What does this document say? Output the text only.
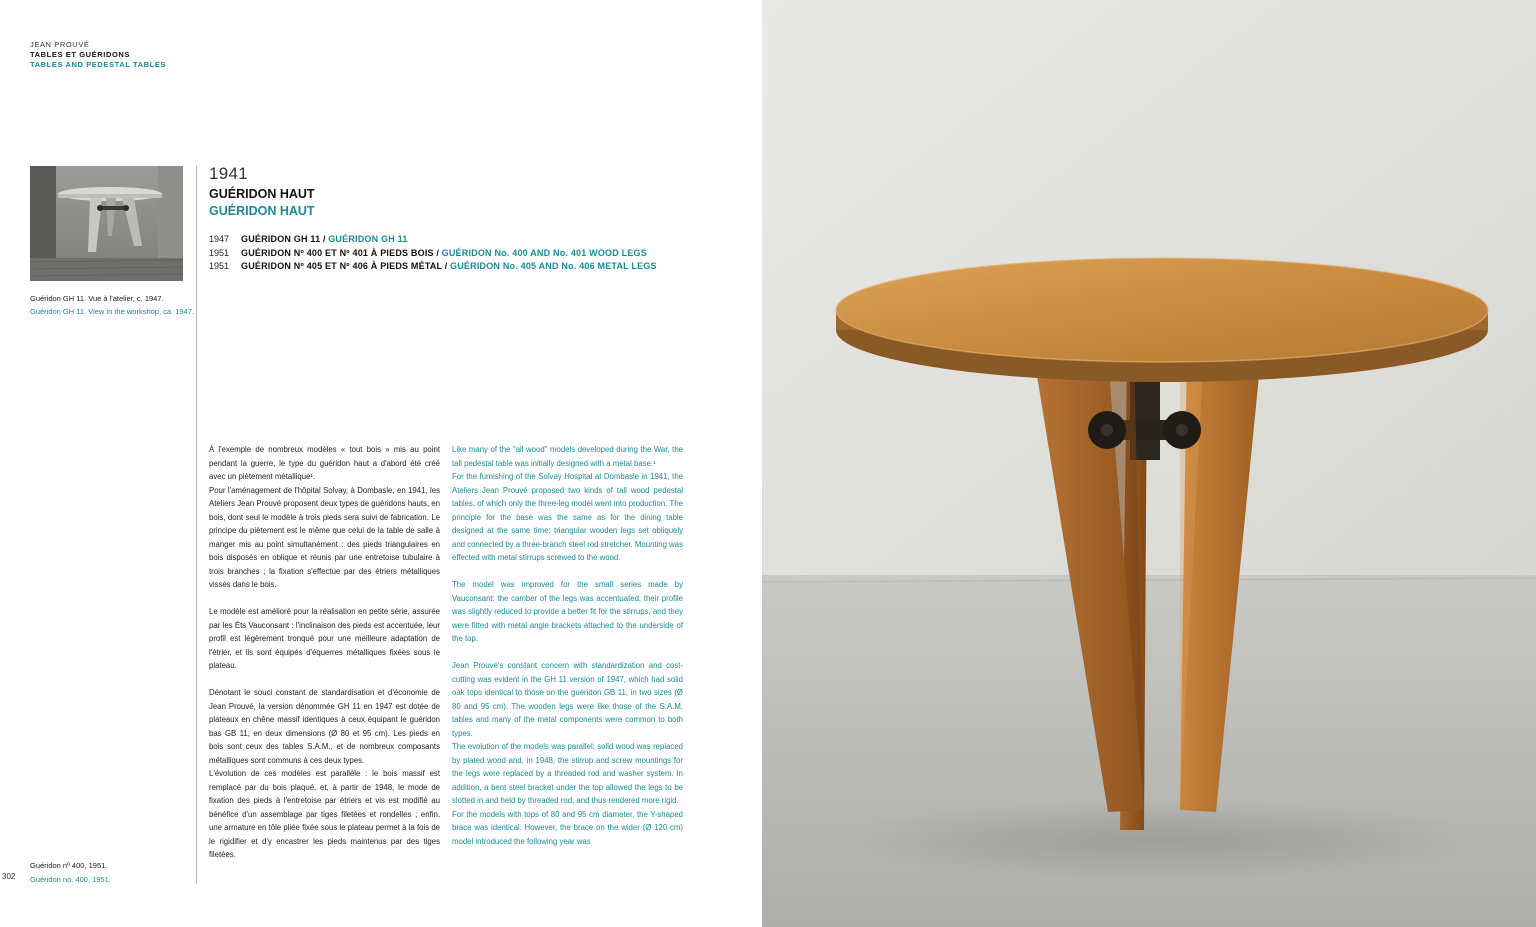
JEAN PROUVÉ
TABLES ET GUÉRIDONS
TABLES AND PEDESTAL TABLES
Guéridon GH 11. Vue à l'atelier, c. 1947.
Guéridon GH 11. View in the workshop, ca. 1947.
1941
GUÉRIDON HAUT
GUÉRIDON HAUT
1947	GUÉRIDON GH 11 /
GUÉRIDON GH 11
1951	GUÉRIDON Nº 400 ET Nº 401 À PIEDS BOIS /
GUÉRIDON No. 400 AND No. 401 WOOD LEGS
1951	GUÉRIDON Nº 405 ET Nº 406 À PIEDS MÉTAL /
GUÉRIDON No. 405 AND No. 406 METAL LEGS

À l'exemple de nombreux modèles « tout bois » mis au point pendant la guerre, le type du guéridon haut a d'abord été créé avec un piètement métallique¹.

Pour l'aménagement de l'hôpital Solvay, à Dombasle, en 1941, les Ateliers Jean Prouvé proposent deux types de guéridons hauts, en bois, dont seul le modèle à trois pieds sera suivi de fabrication. Le principe du piètement est le même que celui de la table de salle à manger mis au point simultanément : des pieds triangulaires en bois disposés en oblique et réunis par une entretoise tubulaire à trois branches ; la fixation s'effectue par des étriers métalliques vissés dans le bois.

Le modèle est amélioré pour la réalisation en petite série, assurée par les Éts Vauconsant : l'inclinaison des pieds est accentuée, leur profil est légèrement tronqué pour une meilleure adaptation de l'étrier, et ils sont équipés d'équerres métalliques fixées sous le plateau.

Dénotant le souci constant de standardisation et d'économie de Jean Prouvé, la version dénommée GH 11 en 1947 est dotée de plateaux en chêne massif identiques à ceux équipant le guéridon bas GB 11, en deux dimensions (Ø 80 et 95 cm). Les pieds en bois sont ceux des tables S.A.M., et de nombreux composants métalliques sont communs à ces deux types.

L'évolution de ces modèles est parallèle : le bois massif est remplacé par du bois plaqué, et, à partir de 1948, le mode de fixation des pieds à l'entretoise par étriers et vis est modifié au bénéfice d'un assemblage par tiges filetées et rondelles ; enfin, une armature en tôle pliée fixée sous le plateau permet à la fois de le rigidifier et d'y encastrer les pieds maintenus par des tiges filetées.

Like many of the "all wood" models developed during the War, the tall pedestal table was initially designed with a metal base.¹

For the furnishing of the Solvay Hospital at Dombasle in 1941, the Ateliers Jean Prouvé proposed two kinds of tall wood pedestal tables, of which only the three-leg model went into production. The principle for the base was the same as for the dining table designed at the same time: triangular wooden legs set obliquely and connected by a three-branch steel rod stretcher. Mounting was effected with metal stirrups screwed to the wood.

The model was improved for the small series made by Vauconsant: the camber of the legs was accentuated, their profile was slightly reduced to provide a better fit for the stirrups, and they were fitted with metal angle brackets attached to the underside of the top.

Jean Prouvé's constant concern with standardization and cost-cutting was evident in the GH 11 version of 1947, which had solid oak tops identical to those on the guéridon GB 11, in two sizes (Ø 80 and 95 cm). The wooden legs were like those of the S.A.M. tables and many of the metal components were common to both types.

The evolution of the models was parallel: solid wood was replaced by plated wood and, in 1948, the stirrup and screw mountings for the legs were replaced by a threaded rod and washer system. In addition, a bent steel bracket under the top allowed the legs to be slotted in and held by threaded rod, and thus rendered more rigid.

For the models with tops of 80 and 95 cm diameter, the Y-shaped brace was identical. However, the brace on the wider (Ø 120 cm) model introduced the following year was

Guéridon nº 400, 1951.
Guéridon no. 400, 1951.
302
